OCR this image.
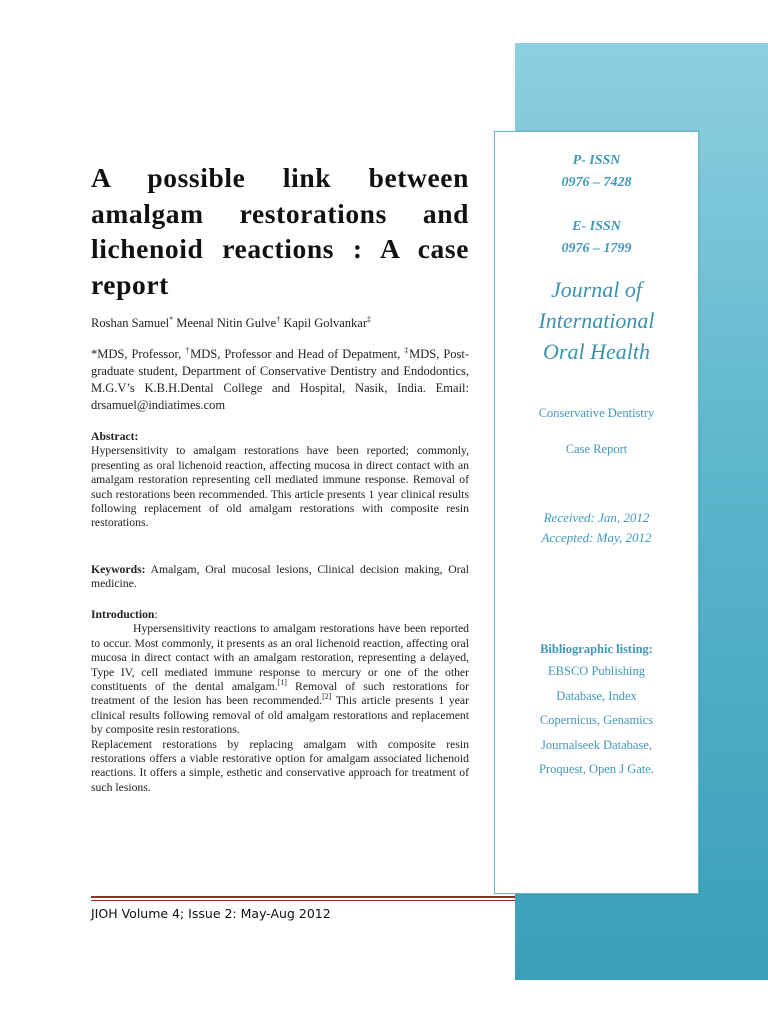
P- ISSN
0976 – 7428
E- ISSN
0976 – 1799
Journal of
International
Oral Health
Conservative Dentistry
Case Report
Received: Jan, 2012
Accepted: May, 2012
Bibliographic listing:
EBSCO Publishing
Database, Index
Copernicus, Genamics
Journalseek Database,
Proquest, Open J Gate.
A possible link between amalgam restorations and lichenoid reactions : A case report
Roshan Samuel* Meenal Nitin Gulve† Kapil Golvankar‡
*MDS, Professor, †MDS, Professor and Head of Depatment, ‡MDS, Post-graduate student, Department of Conservative Dentistry and Endodontics, M.G.V’s K.B.H.Dental College and Hospital, Nasik, India. Email: drsamuel@indiatimes.com

Abstract:

Hypersensitivity to amalgam restorations have been reported; commonly, presenting as oral lichenoid reaction, affecting mucosa in direct contact with an amalgam restoration representing cell mediated immune response. Removal of such restorations been recommended. This article presents 1 year clinical results following replacement of old amalgam restorations with composite resin restorations.

Keywords: Amalgam, Oral mucosal lesions, Clinical decision making, Oral medicine.

Introduction:

Hypersensitivity reactions to amalgam restorations have been reported to occur. Most commonly, it presents as an oral lichenoid reaction, affecting oral mucosa in direct contact with an amalgam restoration, representing a delayed, Type IV, cell mediated immune response to mercury or one of the other constituents of the dental amalgam.[1] Removal of such restorations for treatment of the lesion has been recommended.[2] This article presents 1 year clinical results following removal of old amalgam restorations and replacement by composite resin restorations.

Replacement restorations by replacing amalgam with composite resin restorations offers a viable restorative option for amalgam associated lichenoid reactions. It offers a simple, esthetic and conservative approach for treatment of such lesions.

JIOH Volume 4; Issue 2: May-Aug 2012
